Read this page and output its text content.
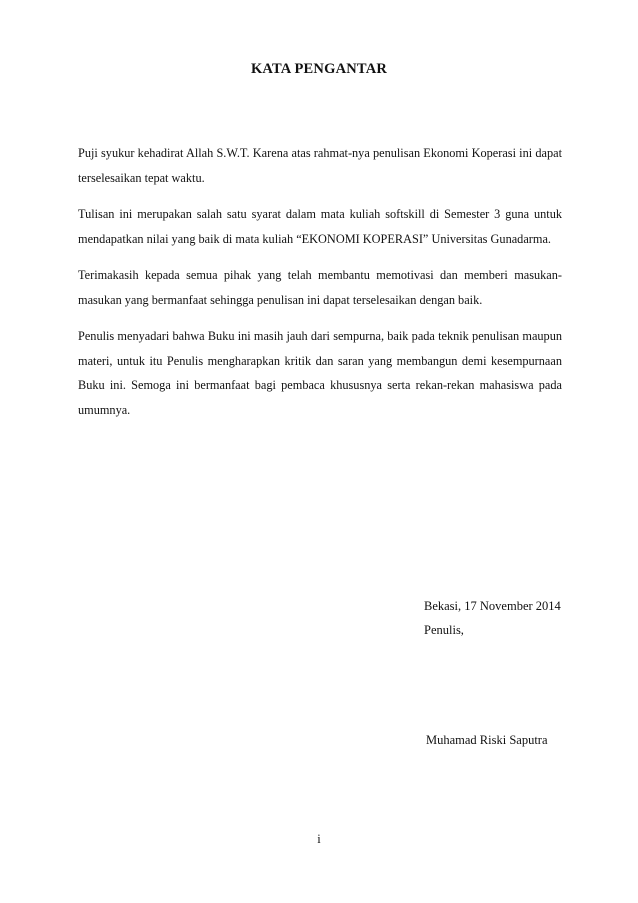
KATA PENGANTAR

Puji syukur kehadirat Allah S.W.T. Karena atas rahmat-nya penulisan Ekonomi Koperasi ini dapat terselesaikan tepat waktu.

Tulisan ini merupakan salah satu syarat dalam mata kuliah softskill di Semester 3 guna untuk mendapatkan nilai yang baik di mata kuliah “EKONOMI KOPERASI” Universitas Gunadarma.

Terimakasih kepada semua pihak yang telah membantu memotivasi dan memberi masukan-masukan yang bermanfaat sehingga penulisan ini dapat terselesaikan dengan baik.

Penulis menyadari bahwa Buku ini masih jauh dari sempurna, baik pada teknik penulisan maupun materi, untuk itu Penulis mengharapkan kritik dan saran yang membangun demi kesempurnaan Buku ini. Semoga ini bermanfaat bagi pembaca khususnya serta rekan-rekan mahasiswa pada umumnya.

Bekasi, 17 November 2014
Penulis,
Muhamad Riski Saputra
i
